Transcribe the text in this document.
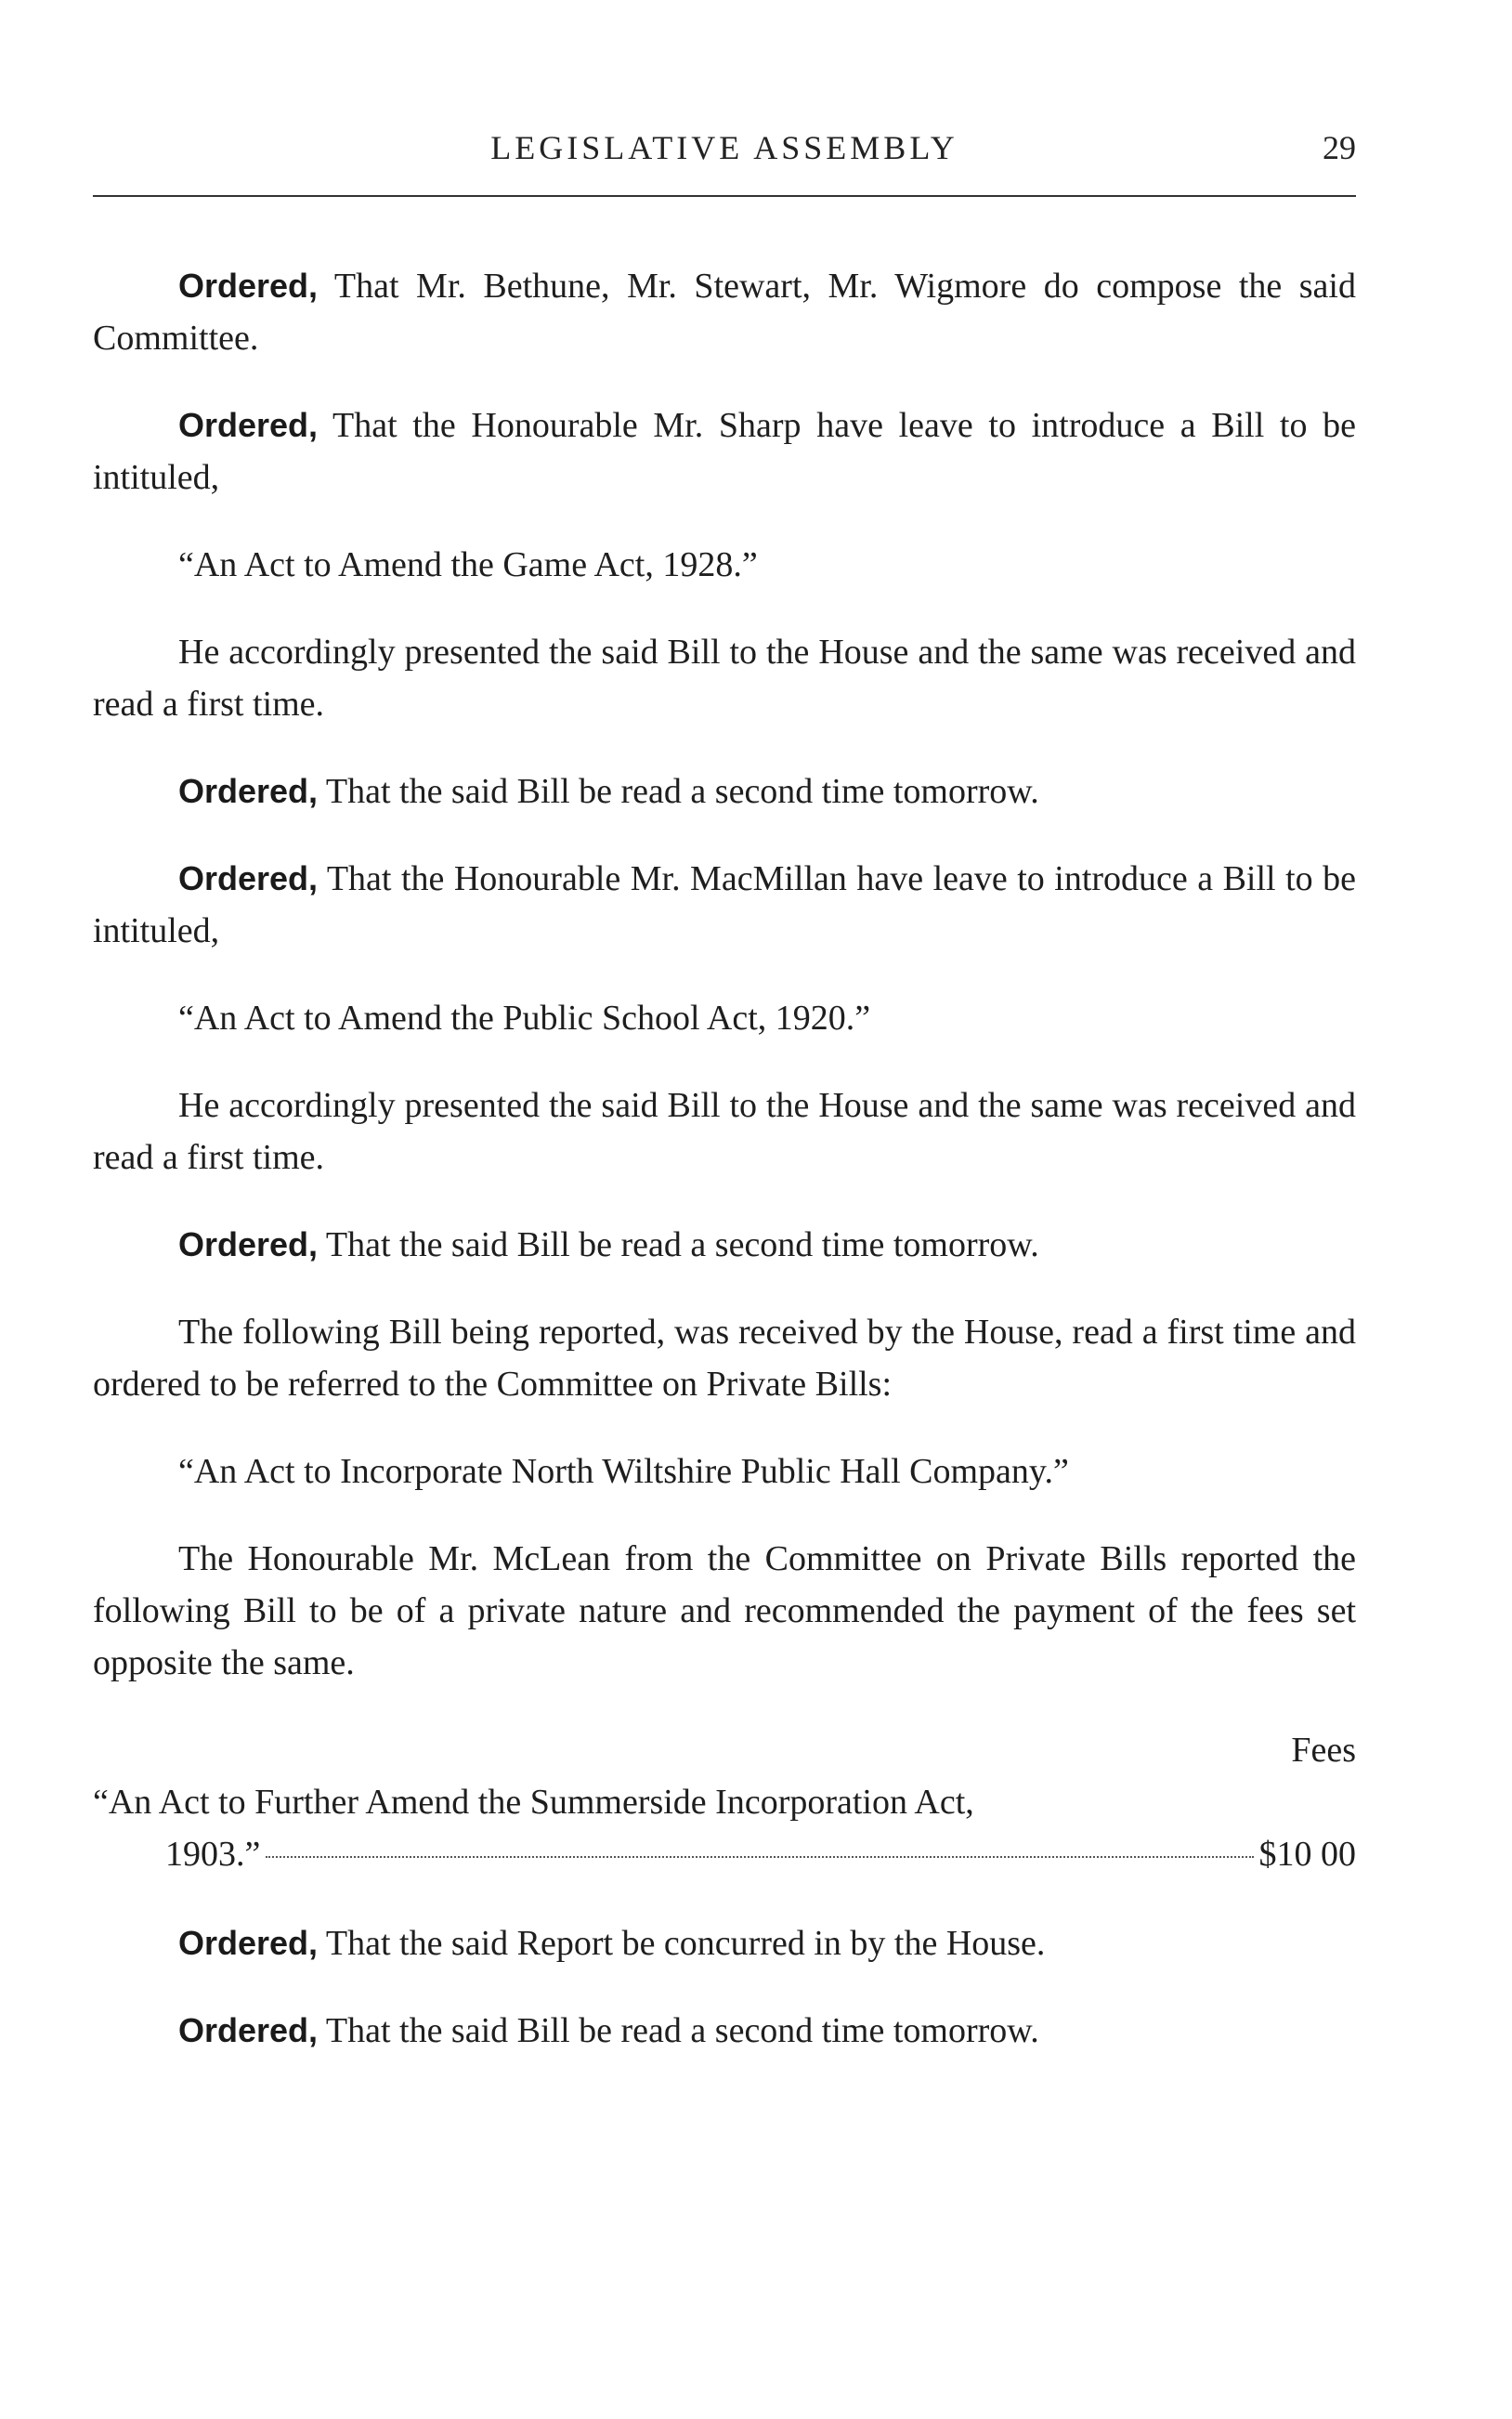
LEGISLATIVE ASSEMBLY	29

Ordered, That Mr. Bethune, Mr. Stewart, Mr. Wigmore do compose the said Committee.

Ordered, That the Honourable Mr. Sharp have leave to introduce a Bill to be intituled,

“An Act to Amend the Game Act, 1928.”

He accordingly presented the said Bill to the House and the same was received and read a first time.

Ordered, That the said Bill be read a second time tomorrow.

Ordered, That the Honourable Mr. MacMillan have leave to introduce a Bill to be intituled,

“An Act to Amend the Public School Act, 1920.”

He accordingly presented the said Bill to the House and the same was received and read a first time.

Ordered, That the said Bill be read a second time tomorrow.

The following Bill being reported, was received by the House, read a first time and ordered to be referred to the Committee on Private Bills:

“An Act to Incorporate North Wiltshire Public Hall Company.”

The Honourable Mr. McLean from the Committee on Private Bills reported the following Bill to be of a private nature and recommended the payment of the fees set opposite the same.

Fees

“An Act to Further Amend the Summerside Incorporation Act,

1903.”	$10 00

Ordered, That the said Report be concurred in by the House.

Ordered, That the said Bill be read a second time tomorrow.
